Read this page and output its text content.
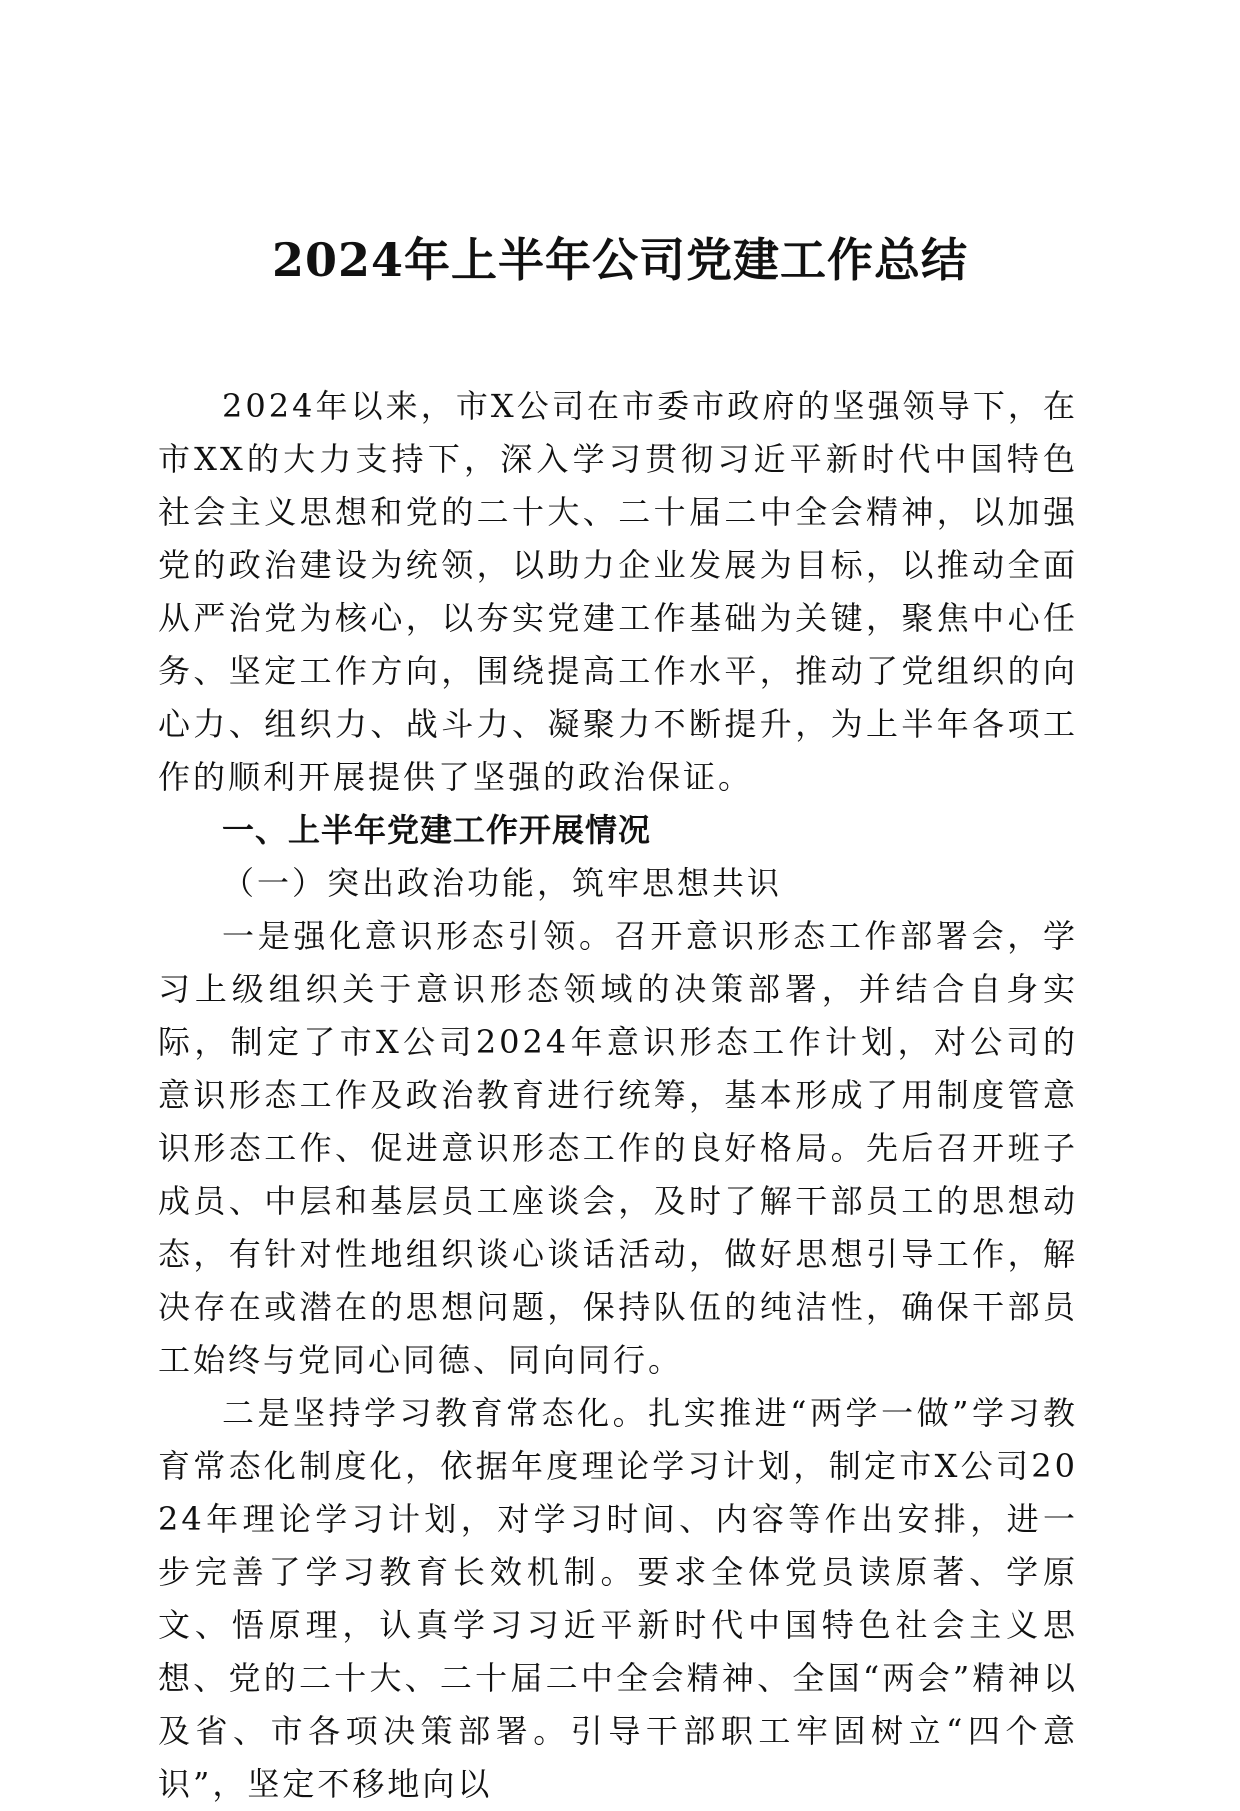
2024年上半年公司党建工作总结

2024年以来，市X公司在市委市政府的坚强领导下，在市XX的大力支持下，深入学习贯彻习近平新时代中国特色社会主义思想和党的二十大、二十届二中全会精神，以加强党的政治建设为统领，以助力企业发展为目标，以推动全面从严治党为核心，以夯实党建工作基础为关键，聚焦中心任务、坚定工作方向，围绕提高工作水平，推动了党组织的向心力、组织力、战斗力、凝聚力不断提升，为上半年各项工作的顺利开展提供了坚强的政治保证。

一、上半年党建工作开展情况

（一）突出政治功能，筑牢思想共识

一是强化意识形态引领。召开意识形态工作部署会，学习上级组织关于意识形态领域的决策部署，并结合自身实际，制定了市X公司2024年意识形态工作计划，对公司的意识形态工作及政治教育进行统筹，基本形成了用制度管意识形态工作、促进意识形态工作的良好格局。先后召开班子成员、中层和基层员工座谈会，及时了解干部员工的思想动态，有针对性地组织谈心谈话活动，做好思想引导工作，解决存在或潜在的思想问题，保持队伍的纯洁性，确保干部员工始终与党同心同德、同向同行。

二是坚持学习教育常态化。扎实推进“两学一做”学习教育常态化制度化，依据年度理论学习计划，制定市X公司2024年理论学习计划，对学习时间、内容等作出安排，进一步完善了学习教育长效机制。要求全体党员读原著、学原文、悟原理，认真学习习近平新时代中国特色社会主义思想、党的二十大、二十届二中全会精神、全国“两会”精神以及省、市各项决策部署。引导干部职工牢固树立“四个意识”，坚定不移地向以
